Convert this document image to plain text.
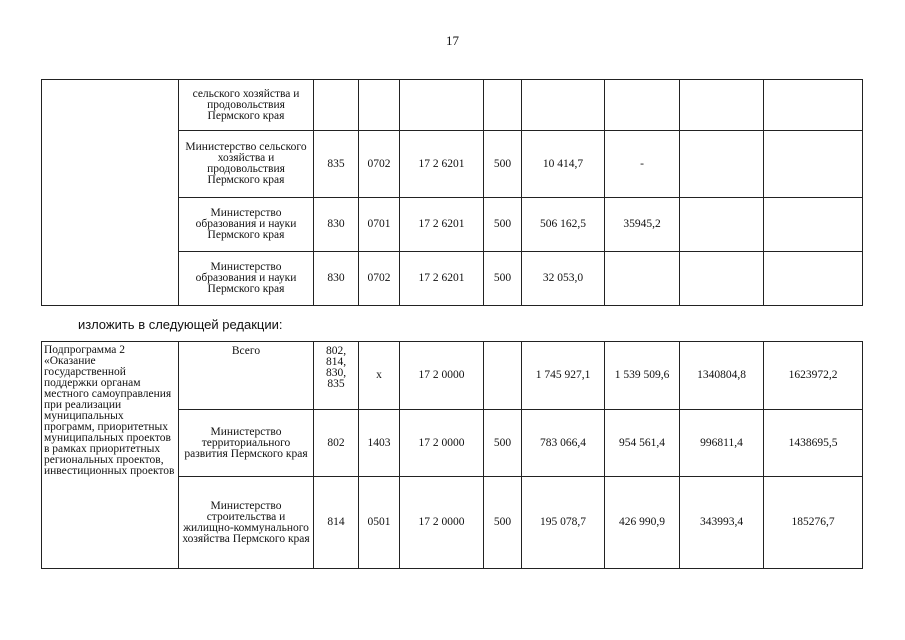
17
	сельского хозяйства и продовольствия Пермского края								
	Министерство сельского хозяйства и продовольствия Пермского края	835	0702	17 2 6201	500	10 414,7	-		
	Министерство образования и науки Пермского края	830	0701	17 2 6201	500	506 162,5	35945,2		
	Министерство образования и науки Пермского края	830	0702	17 2 6201	500	32 053,0			
изложить в следующей редакции:
Подпрограмма 2 «Оказание государственной поддержки органам местного самоуправления при реализации муниципальных программ, приоритетных муниципальных проектов в рамках приоритетных региональных проектов, инвестиционных проектов	Всего	802, 814, 830, 835	х	17 2 0000		1 745 927,1	1 539 509,6	1340804,8	1623972,2
	Министерство территориального развития Пермского края	802	1403	17 2 0000	500	783 066,4	954 561,4	996811,4	1438695,5
	Министерство строительства и жилищно-коммунального хозяйства Пермского края	814	0501	17 2 0000	500	195 078,7	426 990,9	343993,4	185276,7
